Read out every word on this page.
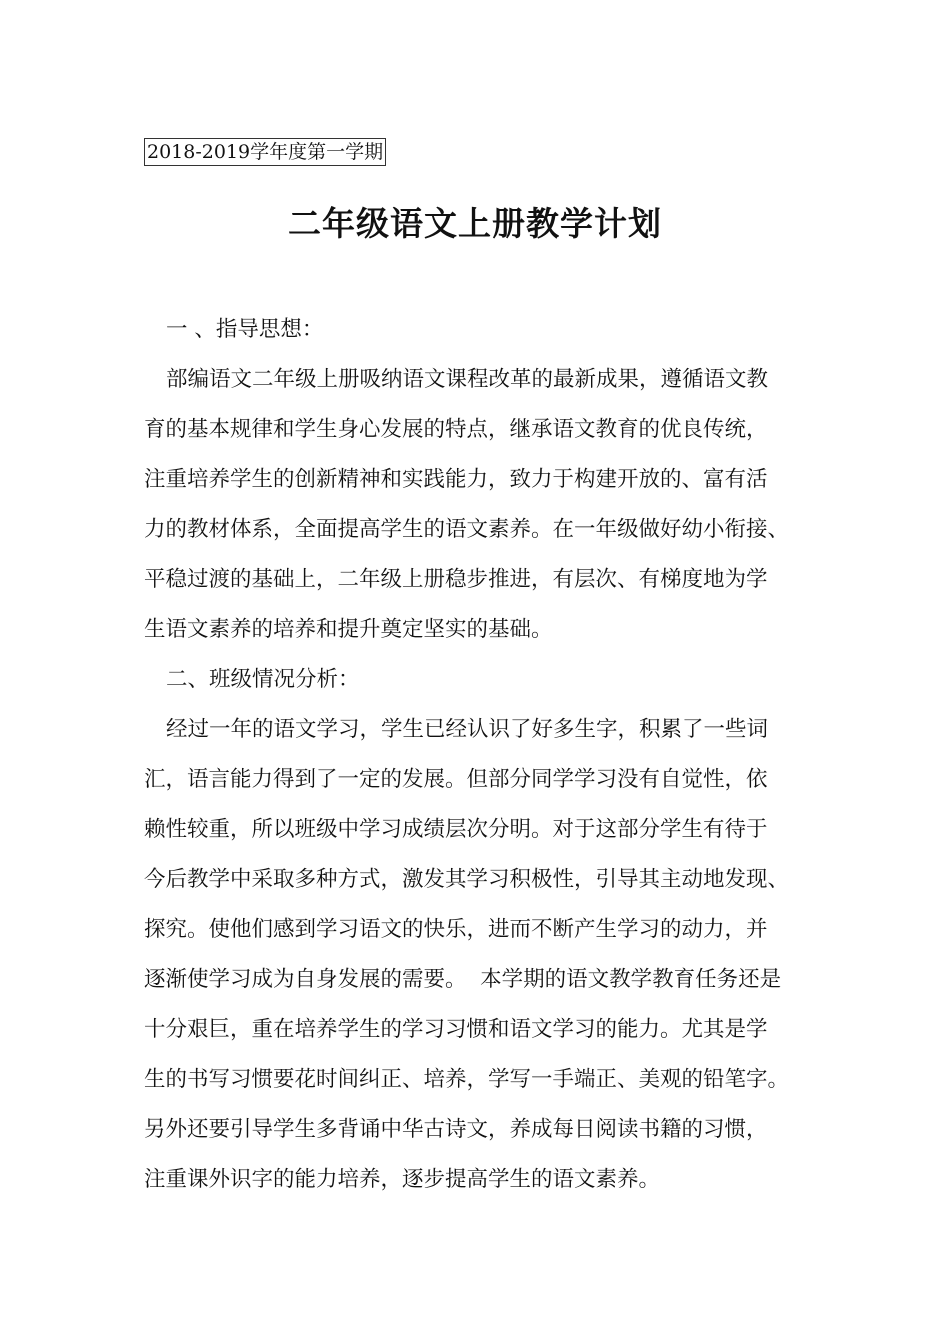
2018-2019学年度第一学期
二年级语文上册教学计划

一 、指导思想：

部编语文二年级上册吸纳语文课程改革的最新成果，遵循语文教
育的基本规律和学生身心发展的特点，继承语文教育的优良传统，
注重培养学生的创新精神和实践能力，致力于构建开放的、富有活
力的教材体系，全面提高学生的语文素养。在一年级做好幼小衔接、
平稳过渡的基础上，二年级上册稳步推进，有层次、有梯度地为学
生语文素养的培养和提升奠定坚实的基础。

二、班级情况分析：

经过一年的语文学习，学生已经认识了好多生字，积累了一些词
汇，语言能力得到了一定的发展。但部分同学学习没有自觉性，依
赖性较重，所以班级中学习成绩层次分明。对于这部分学生有待于
今后教学中采取多种方式，激发其学习积极性，引导其主动地发现、
探究。使他们感到学习语文的快乐，进而不断产生学习的动力，并
逐渐使学习成为自身发展的需要。  本学期的语文教学教育任务还是
十分艰巨，重在培养学生的学习习惯和语文学习的能力。尤其是学
生的书写习惯要花时间纠正、培养，学写一手端正、美观的铅笔字。
另外还要引导学生多背诵中华古诗文，养成每日阅读书籍的习惯，
注重课外识字的能力培养，逐步提高学生的语文素养。
